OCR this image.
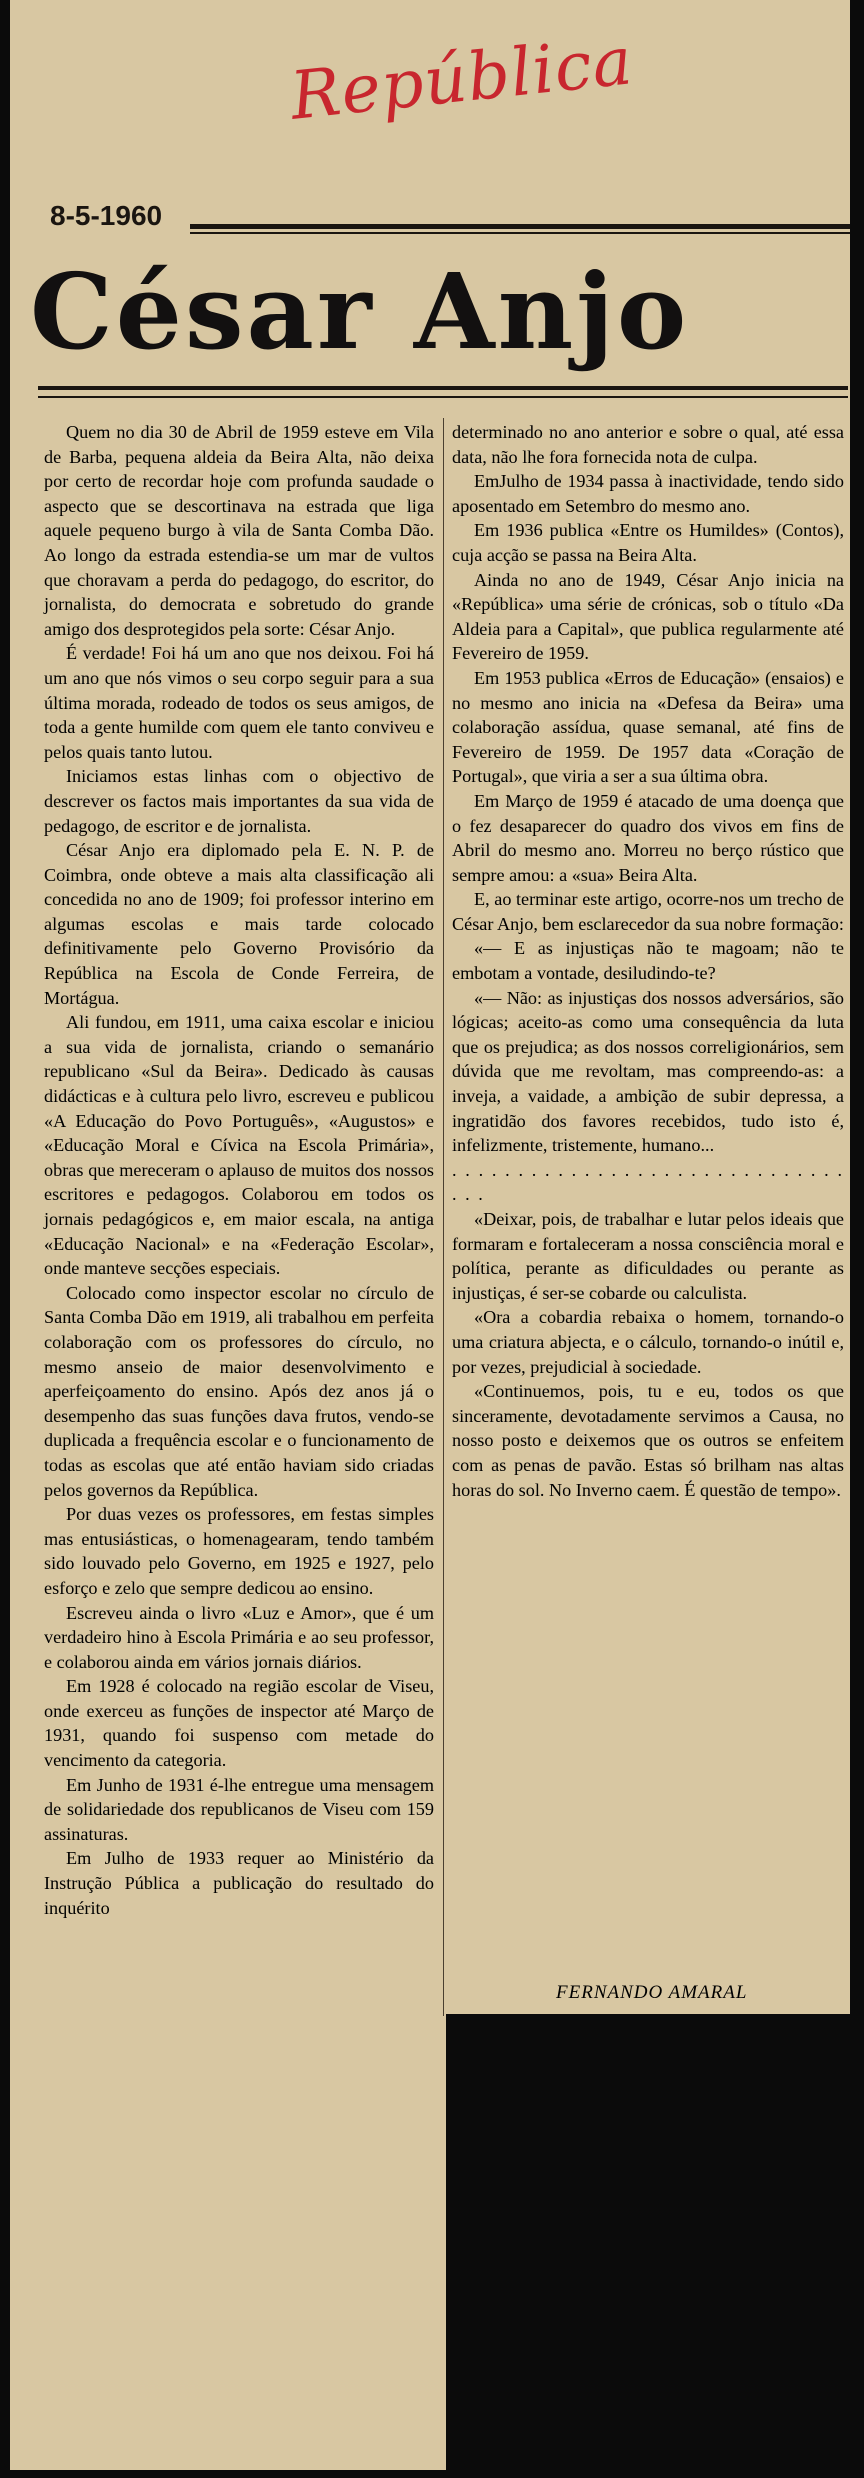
República
8-5-1960
César Anjo

Quem no dia 30 de Abril de 1959 esteve em Vila de Barba, pequena aldeia da Beira Alta, não deixa por certo de recordar hoje com profunda saudade o aspecto que se descortinava na estrada que liga aquele pequeno burgo à vila de Santa Comba Dão. Ao longo da estrada estendia-se um mar de vultos que choravam a perda do pedagogo, do escritor, do jornalista, do democrata e sobretudo do grande amigo dos desprotegidos pela sorte: César Anjo.

É verdade! Foi há um ano que nos deixou. Foi há um ano que nós vimos o seu corpo seguir para a sua última morada, rodeado de todos os seus amigos, de toda a gente humilde com quem ele tanto conviveu e pelos quais tanto lutou.

Iniciamos estas linhas com o objectivo de descrever os factos mais importantes da sua vida de pedagogo, de escritor e de jornalista.

César Anjo era diplomado pela E. N. P. de Coimbra, onde obteve a mais alta classificação ali concedida no ano de 1909; foi professor interino em algumas escolas e mais tarde colocado definitivamente pelo Governo Provisório da República na Escola de Conde Ferreira, de Mortágua.

Ali fundou, em 1911, uma caixa escolar e iniciou a sua vida de jornalista, criando o semanário republicano «Sul da Beira». Dedicado às causas didácticas e à cultura pelo livro, escreveu e publicou «A Educação do Povo Português», «Augustos» e «Educação Moral e Cívica na Escola Primária», obras que mereceram o aplauso de muitos dos nossos escritores e pedagogos. Colaborou em todos os jornais pedagógicos e, em maior escala, na antiga «Educação Nacional» e na «Federação Escolar», onde manteve secções especiais.

Colocado como inspector escolar no círculo de Santa Comba Dão em 1919, ali trabalhou em perfeita colaboração com os professores do círculo, no mesmo anseio de maior desenvolvimento e aperfeiçoamento do ensino. Após dez anos já o desempenho das suas funções dava frutos, vendo-se duplicada a frequência escolar e o funcionamento de todas as escolas que até então haviam sido criadas pelos governos da República.

Por duas vezes os professores, em festas simples mas entusiásticas, o homenagearam, tendo também sido louvado pelo Governo, em 1925 e 1927, pelo esforço e zelo que sempre dedicou ao ensino.

Escreveu ainda o livro «Luz e Amor», que é um verdadeiro hino à Escola Primária e ao seu professor, e colaborou ainda em vários jornais diários.

Em 1928 é colocado na região escolar de Viseu, onde exerceu as funções de inspector até Março de 1931, quando foi suspenso com metade do vencimento da categoria.

Em Junho de 1931 é-lhe entregue uma mensagem de solidariedade dos republicanos de Viseu com 159 assinaturas.

Em Julho de 1933 requer ao Ministério da Instrução Pública a publicação do resultado do inquérito

determinado no ano anterior e sobre o qual, até essa data, não lhe fora fornecida nota de culpa.

EmJulho de 1934 passa à inactividade, tendo sido aposentado em Setembro do mesmo ano.

Em 1936 publica «Entre os Humildes» (Contos), cuja acção se passa na Beira Alta.

Ainda no ano de 1949, César Anjo inicia na «República» uma série de crónicas, sob o título «Da Aldeia para a Capital», que publica regularmente até Fevereiro de 1959.

Em 1953 publica «Erros de Educação» (ensaios) e no mesmo ano inicia na «Defesa da Beira» uma colaboração assídua, quase semanal, até fins de Fevereiro de 1959. De 1957 data «Coração de Portugal», que viria a ser a sua última obra.

Em Março de 1959 é atacado de uma doença que o fez desaparecer do quadro dos vivos em fins de Abril do mesmo ano. Morreu no berço rústico que sempre amou: a «sua» Beira Alta.

E, ao terminar este artigo, ocorre-nos um trecho de César Anjo, bem esclarecedor da sua nobre formação:

«— E as injustiças não te magoam; não te embotam a vontade, desiludindo-te?

«— Não: as injustiças dos nossos adversários, são lógicas; aceito-as como uma consequência da luta que os prejudica; as dos nossos correligionários, sem dúvida que me revoltam, mas compreendo-as: a inveja, a vaidade, a ambição de subir depressa, a ingratidão dos favores recebidos, tudo isto é, infelizmente, tristemente, humano...

. . . . . . . . . . . . . . . . . . . . . . . . . . . . . . . . .

«Deixar, pois, de trabalhar e lutar pelos ideais que formaram e fortaleceram a nossa consciência moral e política, perante as dificuldades ou perante as injustiças, é ser-se cobarde ou calculista.

«Ora a cobardia rebaixa o homem, tornando-o uma criatura abjecta, e o cálculo, tornando-o inútil e, por vezes, prejudicial à sociedade.

«Continuemos, pois, tu e eu, todos os que sinceramente, devotadamente servimos a Causa, no nosso posto e deixemos que os outros se enfeitem com as penas de pavão. Estas só brilham nas altas horas do sol. No Inverno caem. É questão de tempo».

FERNANDO AMARAL
